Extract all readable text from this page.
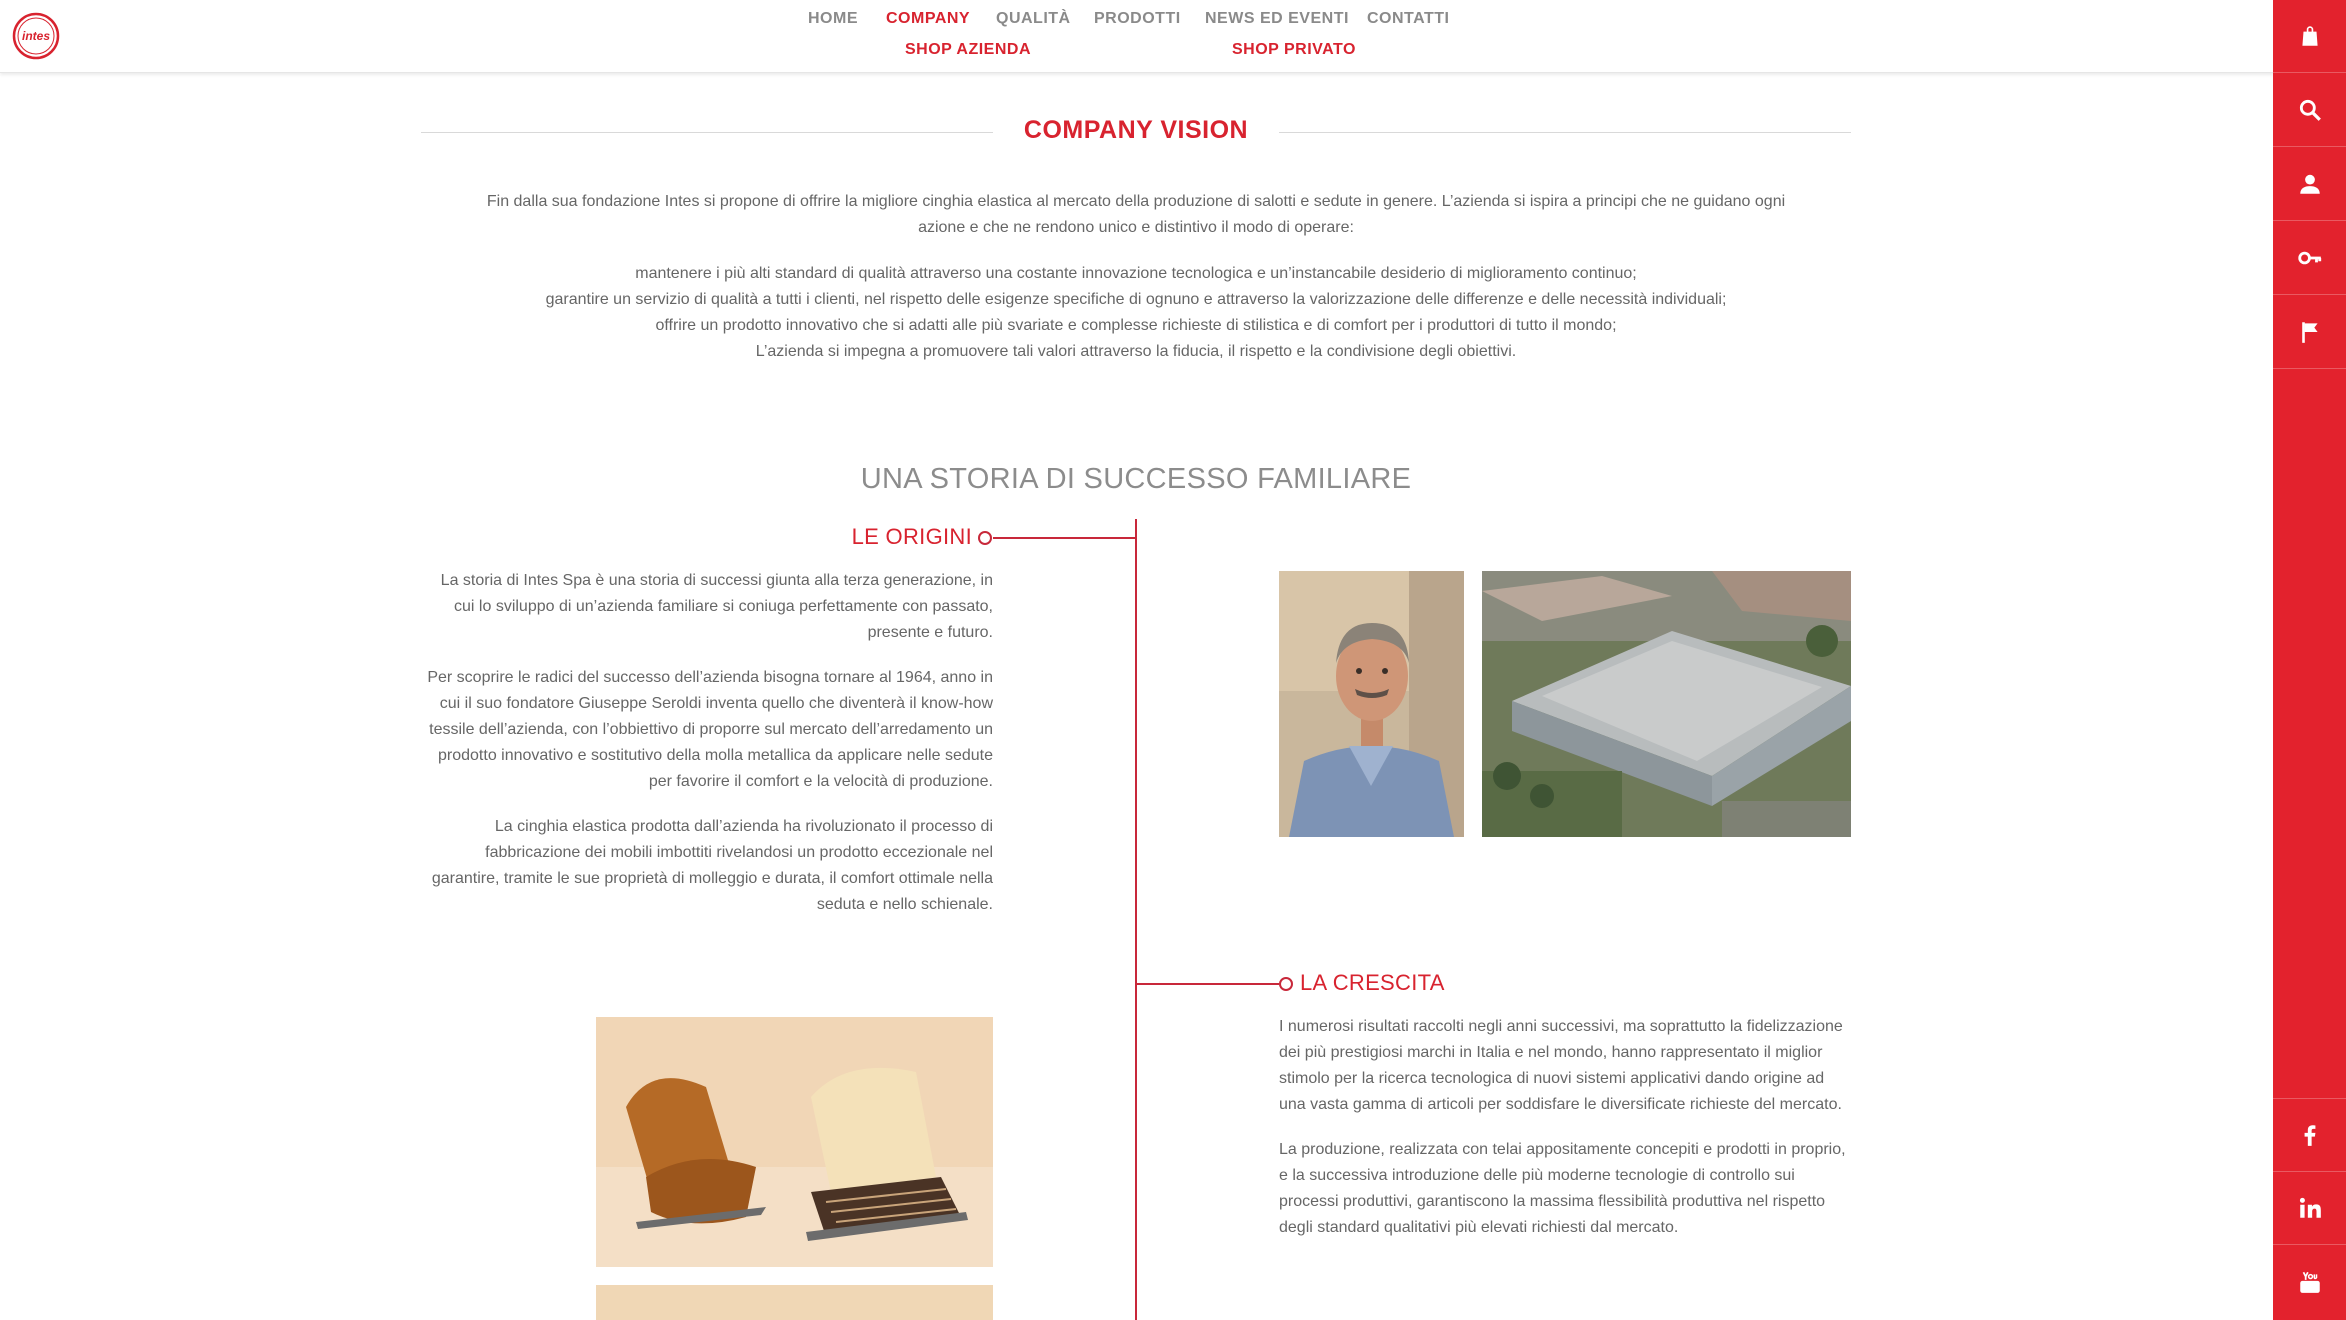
intes
HOME COMPANY QUALITÀ PRODOTTI NEWS ED EVENTI CONTATTI
SHOP AZIENDA	SHOP PRIVATO
COMPANY VISION

Fin dalla sua fondazione Intes si propone di offrire la migliore cinghia elastica al mercato della produzione di salotti e sedute in genere. L’azienda si ispira a principi che ne guidano ogni

azione e che ne rendono unico e distintivo il modo di operare:

mantenere i più alti standard di qualità attraverso una costante innovazione tecnologica e un’instancabile desiderio di miglioramento continuo;

garantire un servizio di qualità a tutti i clienti, nel rispetto delle esigenze specifiche di ognuno e attraverso la valorizzazione delle differenze e delle necessità individuali;

offrire un prodotto innovativo che si adatti alle più svariate e complesse richieste di stilistica e di comfort per i produttori di tutto il mondo;

L’azienda si impegna a promuovere tali valori attraverso la fiducia, il rispetto e la condivisione degli obiettivi.

UNA STORIA DI SUCCESSO FAMILIARE
LE ORIGINI

La storia di Intes Spa è una storia di successi giunta alla terza generazione, in cui lo sviluppo di un’azienda familiare si coniuga perfettamente con passato, presente e futuro.

Per scoprire le radici del successo dell’azienda bisogna tornare al 1964, anno in cui il suo fondatore Giuseppe Seroldi inventa quello che diventerà il know-how tessile dell’azienda, con l’obbiettivo di proporre sul mercato dell’arredamento un prodotto innovativo e sostitutivo della molla metallica da applicare nelle sedute per favorire il comfort e la velocità di produzione.

La cinghia elastica prodotta dall’azienda ha rivoluzionato il processo di fabbricazione dei mobili imbottiti rivelandosi un prodotto eccezionale nel garantire, tramite le sue proprietà di molleggio e durata, il comfort ottimale nella seduta e nello schienale.

LA CRESCITA

I numerosi risultati raccolti negli anni successivi, ma soprattutto la fidelizzazione dei più prestigiosi marchi in Italia e nel mondo, hanno rappresentato il miglior stimolo per la ricerca tecnologica di nuovi sistemi applicativi dando origine ad una vasta gamma di articoli per soddisfare le diversificate richieste del mercato.

La produzione, realizzata con telai appositamente concepiti e prodotti in proprio, e la successiva introduzione delle più moderne tecnologie di controllo sui processi produttivi, garantiscono la massima flessibilità produttiva nel rispetto degli standard qualitativi più elevati richiesti dal mercato.
